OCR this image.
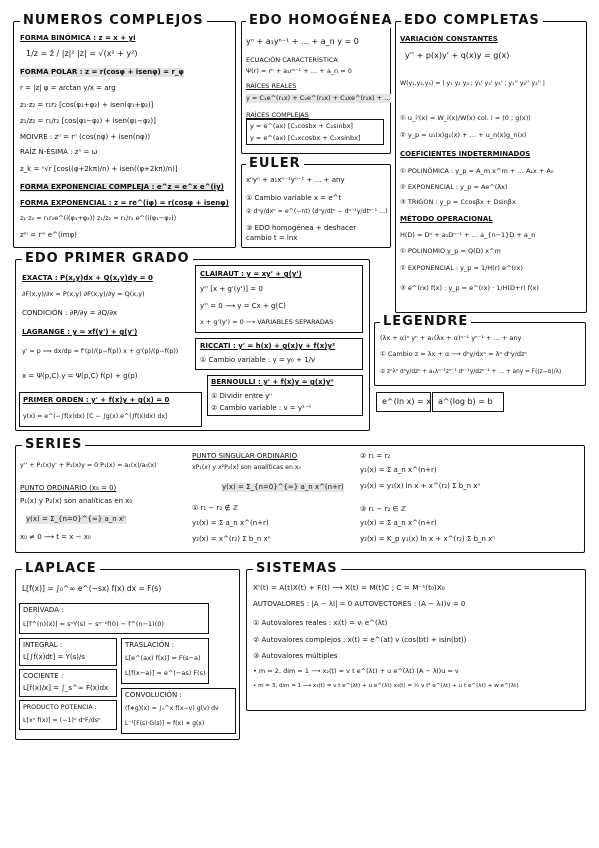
NUMEROS COMPLEJOS
FORMA BINÓMICA : z = x + yi
1/z = z̄ / |z|² |z| = √(x² + y²)
FORMA POLAR : z = r(cosφ + isenφ) = r_φ
r = |z| φ = arctan y/x = arg
z₁·z₂ = r₁r₂ [cos(φ₁+φ₂) + isen(φ₁+φ₂)]
z₁/z₂ = r₁/r₂ [cos(φ₁−φ₂) + isen(φ₁−φ₂)]
MOIVRE : zⁿ = rⁿ (cos(nφ) + isen(nφ))
RAÍZ N-ÉSIMA : zⁿ = ω
z_k = ⁿ√r [cos((φ+2kπ)/n) + isen((φ+2kπ)/n)]
FORMA EXPONENCIAL COMPLEJA : e^z = e^x e^(iy)
FORMA EXPONENCIAL : z = re^(iφ) = r(cosφ + isenφ)
z₁·z₂ = r₁r₂e^(i(φ₁+φ₂)) z₁/z₂ = r₁/r₂ e^(i(φ₁−φ₂))
zᵐ = rᵐ e^(imφ)
EDO HOMOGÉNEA
yⁿ + a₁yⁿ⁻¹ + … + a_n y = 0
ECUACIÓN CARACTERÍSTICA
Ψ(r) = rⁿ + a₁rⁿ⁻¹ + … + a_n = 0
RAÍCES REALES
y = C₁e^(r₁x) + C₂e^(r₂x) + C₃xe^(r₂x) + …
RAÍCES COMPLEJAS
y = e^(ax) [C₁cosbx + C₂sinbx]
y = e^(ax) [C₁xcosbx + C₂xsinbx]
EULER
xⁿyⁿ + a₁xⁿ⁻¹yⁿ⁻¹ + … + any
① Cambio variable x = e^t
② dⁿy/dxⁿ = e^(−nt) (dⁿy/dtⁿ − dⁿ⁻¹y/dtⁿ⁻¹ …)
③ EDO homogénea + deshacer
cambio t = lnx
EDO COMPLETAS
VARIACIÓN CONSTANTES
y'' + p(x)y' + q(x)y = g(x)
W(y₁,y₂,y₃) = | y₁ y₂ y₃ ; y₁' y₂' y₃' ; y₁'' y₂'' y₃'' |
① u_i'(x) = W_i(x)/W(x) col. i = (0 ; g(x))
② y_p = u₁(x)g₁(x) + … + u_n(x)g_n(x)
COEFICIENTES INDETERMINADOS
① POLINÓMICA : y_p = A_m x^m + … A₁x + A₀
② EXPONENCIAL : y_p = Ae^(λx)
③ TRIGON : y_p = Ccosβx + Dsinβx
MÉTODO OPERACIONAL
H(D) = Dⁿ + a₁Dⁿ⁻¹ + … a_{n−1}D + a_n
① POLINOMIO y_p = Q(D) x^m
② EXPONENCIAL : y_p = 1/H(r) e^(rx)
③ e^(rx) f(x) : y_p = e^(rx) · 1/H(D+r) f(x)
EDO PRIMER GRADO
EXACTA : P(x,y)dx + Q(x,y)dy = 0
∂F(x,y)/∂x = P(x,y) ∂F(x,y)/∂y = Q(x,y)
CONDICIÓN : ∂P/∂y = ∂Q/∂x
CLAIRAUT : y = xy' + g(y')
y'' [x + g'(y')] = 0
y'' = 0 ⟶ y = Cx + g(C)
x + g'(y') = 0 ⟶ VARIABLES SEPARADAS
LAGRANGE : y = xf(y') + g(y')
y' = p ⟹ dx/dp = f'(p)/(p−f(p)) x + g'(p)/(p−f(p))
x = Ψ(p,C) y = Ψ(p,C) f(p) + g(p)
RICCATI : y' = h(x) + g(x)y + f(x)y²
① Cambio variable : y = y₀ + 1/v
BERNOULLI : y' + f(x)y = g(x)yⁿ
① Dividir entre yⁿ
② Cambio variable : v = y¹⁻ⁿ
PRIMER ORDEN : y' + f(x)y + g(x) = 0
y(x) = e^(−∫f(x)dx) [C − ∫g(x) e^(∫f(x)dx) dx]
LEGENDRE
(λx + α)ⁿ yⁿ + a₁(λx + α)ⁿ⁻¹ yⁿ⁻¹ + … + any
① Cambio z = λx + α ⟶ dⁿy/dxⁿ = λⁿ dⁿy/dzⁿ
② zⁿλⁿ dⁿy/dzⁿ + a₁λⁿ⁻¹zⁿ⁻¹ dⁿ⁻¹y/dzⁿ⁻¹ + … + any = F((z−α)/λ)
e^(ln x) = x a^(log b) = b
SERIES
y'' + P₁(x)y' + P₂(x)y = 0 P₁(x) = a₁(x)/a₀(x)
PUNTO ORDINARIO (x₀ = 0)
P₁(x) y P₂(x) son analíticas en x₀
y(x) = Σ_{n=0}^{∞} a_n xⁿ
x₀ ≠ 0 ⟶ t = x − x₀
PUNTO SINGULAR ORDINARIO
xP₁(x) y x²P₂(x) son analíticas en x₀
y(x) = Σ_{n=0}^{∞} a_n x^(n+r)
① r₁ − r₂ ∉ ℤ
y₁(x) = Σ a_n x^(n+r)
y₂(x) = x^(r₂) Σ b_n xⁿ
② r₁ = r₂
y₁(x) = Σ a_n x^(n+r)
y₂(x) = y₁(x) ln x + x^(r₂) Σ b_n xⁿ
③ r₁ − r₂ ∈ ℤ
y₁(x) = Σ a_n x^(n+r)
y₂(x) = K_p y₁(x) ln x + x^(r₂) Σ b_n xⁿ
LAPLACE
L[f(x)] = ∫₀^∞ e^(−sx) f(x) dx = F(s)
DERIVADA :
L[f^(n)(x)] = sⁿY(s) − sⁿ⁻¹f(0) − f^(n−1)(0)
INTEGRAL :
L[∫f(x)dt] = Y(s)/s
TRASLACIÓN :
L[e^(ax) f(x)] = F(s−a)
L[f(x−a)] = e^(−as) F(s)
COCIENTE :
L[f(x)/x] = ∫_s^∞ F(x)dx
PRODUCTO POTENCIA :
L[xⁿ f(x)] = (−1)ⁿ dⁿF/dsⁿ
CONVOLUCIÓN :
(f∗g)(x) = ∫₀^x f(x−v) g(v) dv
L⁻¹[F(s)·G(s)] = f(x) ∗ g(x)
SISTEMAS
X'(t) = A(t)X(t) + F(t) ⟶ X(t) = M(t)C ; C = M⁻¹(t₀)X₀
AUTOVALORES : |A − λI| = 0 AUTOVECTORES : (A − λᵢI)v = 0
① Autovalores reales : xᵢ(t) = vᵢ e^(λt)
② Autovalores complejos : x(t) = e^(at) v (cos(bt) + isin(bt))
③ Autovalores múltiples
• m = 2, dim = 1 ⟶ x₂(t) = v t e^(λt) + u e^(λt) (A − λI)u = v
• m = 3, dim = 1 ⟶ x₃(t) = v t e^(λt) + u e^(λt) x₃(t) = ½ v t² e^(λt) + u t e^(λt) + w e^(λt)
